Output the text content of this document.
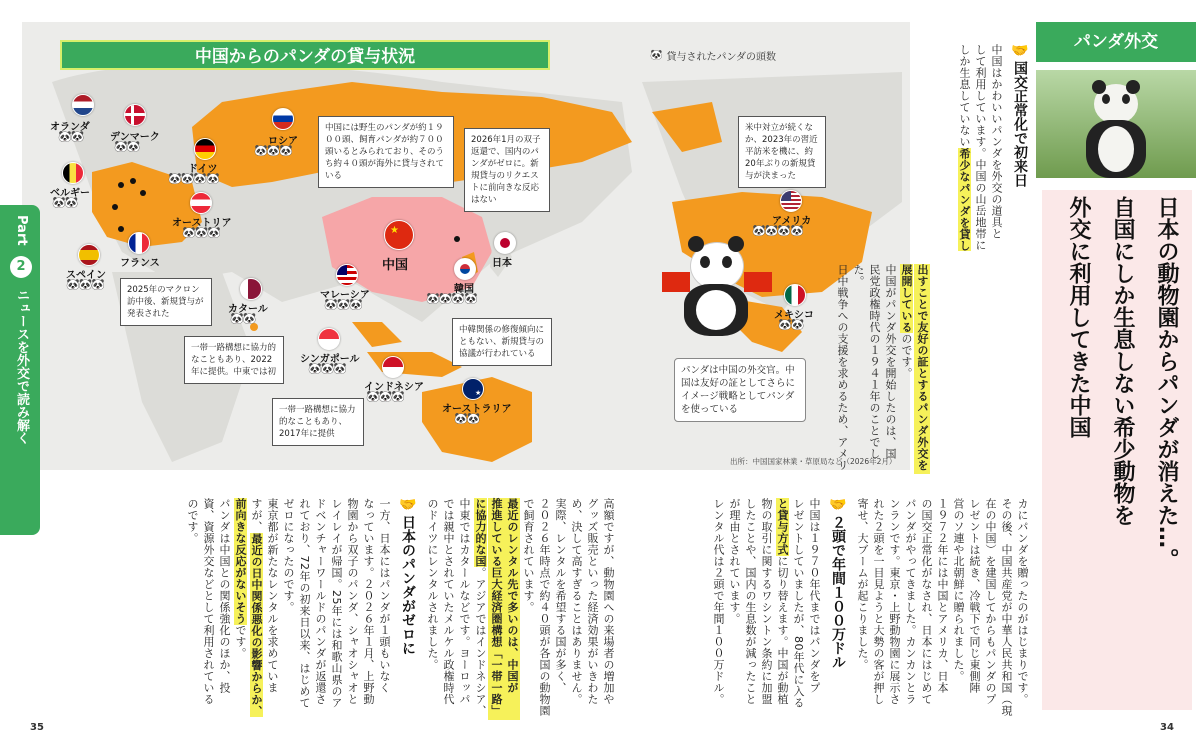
中国からのパンダの貸与状況	🐼 貸与されたパンダの頭数
オランダ
🐼🐼	デンマーク
🐼🐼	ロシア
🐼🐼🐼
ドイツ
🐼🐼🐼🐼
ベルギー
🐼🐼
オーストリア
🐼🐼🐼
フランス
スペイン
🐼🐼🐼	2025年のマクロン訪中後、新規貸与が発表された	カタール
🐼🐼
一帯一路構想に協力的なこともあり、2022年に提供。中東では初
中国には野生のパンダが約１９００頭、飼育パンダが約７００頭いるとみられており、そのうち約４０頭が海外に貸与されている
★
中国
2026年1月の双子返還で、国内のパンダがゼロに。新規貸与のリクエストに前向きな反応はない
日本
韓国
🐼🐼🐼🐼
中韓関係の修復傾向にともない、新規貸与の協議が行われている
マレーシア
🐼🐼🐼
シンガポール
🐼🐼🐼
インドネシア
🐼🐼🐼
一帯一路構想に協力的なこともあり、2017年に提供
★
オーストラリア
🐼🐼
米中対立が続くなか、2023年の習近平訪米を機に、約20年ぶりの新規貸与が決まった
アメリカ
🐼🐼🐼🐼
メキシコ
🐼🐼
パンダは中国の外交官。中国は友好の証としてさらにイメージ戦略としてパンダを使っている
出所：中国国家林業・草原局など（2026年2月）
パンダ外交
日本の動物園からパンダが消えた…。
自国にしか生息しない希少動物を
外交に利用してきた中国
🤝国交正常化で初来日
中国はかわいいパンダを外交の道具と
して利用しています。中国の山岳地帯に
しか生息していない希少なパンダを貸し
出すことで友好の証とするパンダ外交を
展開しているのです。
中国がパンダ外交を開始したのは、国
民党政権時代の１９４１年のことでした。
日中戦争への支援を求めるため、アメリ
カにパンダを贈ったのがはじまりです。
その後、中国共産党が中華人民共和国（現
在の中国）を建国してからもパンダのプ
レゼントは続き、冷戦下で同じ東側陣
営のソ連や北朝鮮に贈られました。
１９７２年には中国とアメリカ、日本
の国交正常化がなされ、日本にはじめて
パンダがやってきました。カンカンとラ
ンランです。東京・上野動物園に展示さ
れた２頭を一目見ようと大勢の客が押し
寄せ、大ブームが起こりました。
🤝２頭で年間１００万ドル
中国は１９７０年代まではパンダをプ
レゼントしていましたが、80年代に入る
と貸与方式に切り替えます。中国が動植
物の取引に関するワシントン条約に加盟
したことや、国内の生息数が減ったこと
が理由とされています。
レンタル代は２頭で年間１００万ドル。
34
高額ですが、動物園への来場者の増加や
グッズ販売といった経済効果がいきわた
め、決して高すぎることはありません。
実際、レンタルを希望する国が多く、
２０２６年時点で約４０頭が各国の動物園
で飼育されています。
最近のレンタル先で多いのは、中国が
推進している巨大経済圏構想「一帯一路」
に協力的な国。アジアではインドネシア、
中東ではカタールなどです。ヨーロッパ
では親中とされていたメルケル政権時代
のドイツにレンタルされました。
🤝日本のパンダがゼロに
一方、日本にはパンダが１頭もいなく
なっています。２０２６年１月、上野動
物園から双子のパンダ、シャオシャオと
レイレイが帰国。25年には和歌山県のア
ドベンチャーワールドのパンダが返還さ
れており、72年の初来日以来、はじめて
ゼロになったのです。
東京都が新たなレンタルを求めていま
すが、最近の日中関係悪化の影響からか、
前向きな反応がないそうです。
パンダは中国との関係強化のほか、投
資、資源外交などとして利用されている
のです。
35
Part 2 ニュースを外交で読み解く
